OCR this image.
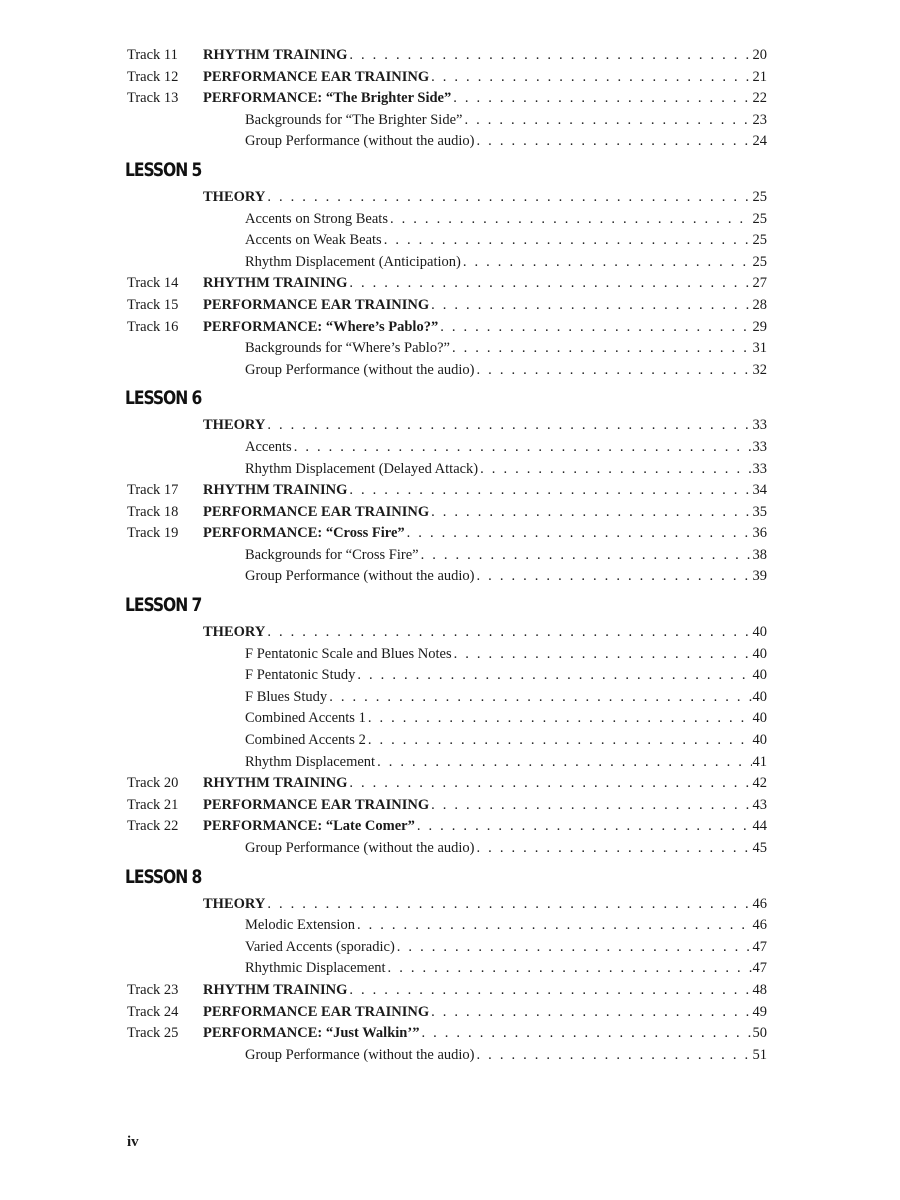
Track 11 RHYTHM TRAINING . . .	20
Track 12 PERFORMANCE EAR TRAINING . . .	21
Track 13 PERFORMANCE: “The Brighter Side” . . .	22
Backgrounds for “The Brighter Side” . . .	23
Group Performance (without the audio) . . .	24
LESSON 5
THEORY . . .	25
Accents on Strong Beats . . .	25
Accents on Weak Beats . . .	25
Rhythm Displacement (Anticipation) . . .	25
Track 14 RHYTHM TRAINING . . .	27
Track 15 PERFORMANCE EAR TRAINING . . .	28
Track 16 PERFORMANCE: “Where’s Pablo?” . . .	29
Backgrounds for “Where’s Pablo?” . . .	31
Group Performance (without the audio) . . .	32
LESSON 6
THEORY . . .	33
Accents . . .	33
Rhythm Displacement (Delayed Attack) . . .	33
Track 17 RHYTHM TRAINING . . .	34
Track 18 PERFORMANCE EAR TRAINING . . .	35
Track 19 PERFORMANCE: “Cross Fire” . . .	36
Backgrounds for “Cross Fire” . . .	38
Group Performance (without the audio) . . .	39
LESSON 7
THEORY . . .	40
F Pentatonic Scale and Blues Notes . . .	40
F Pentatonic Study . . .	40
F Blues Study . . .	40
Combined Accents 1 . . .	40
Combined Accents 2 . . .	40
Rhythm Displacement . . .	41
Track 20 RHYTHM TRAINING . . .	42
Track 21 PERFORMANCE EAR TRAINING . . .	43
Track 22 PERFORMANCE: “Late Comer” . . .	44
Group Performance (without the audio) . . .	45
LESSON 8
THEORY . . .	46
Melodic Extension . . .	46
Varied Accents (sporadic) . . .	47
Rhythmic Displacement . . .	47
Track 23 RHYTHM TRAINING . . .	48
Track 24 PERFORMANCE EAR TRAINING . . .	49
Track 25 PERFORMANCE: “Just Walkin’” . . .	50
Group Performance (without the audio) . . .	51
iv
